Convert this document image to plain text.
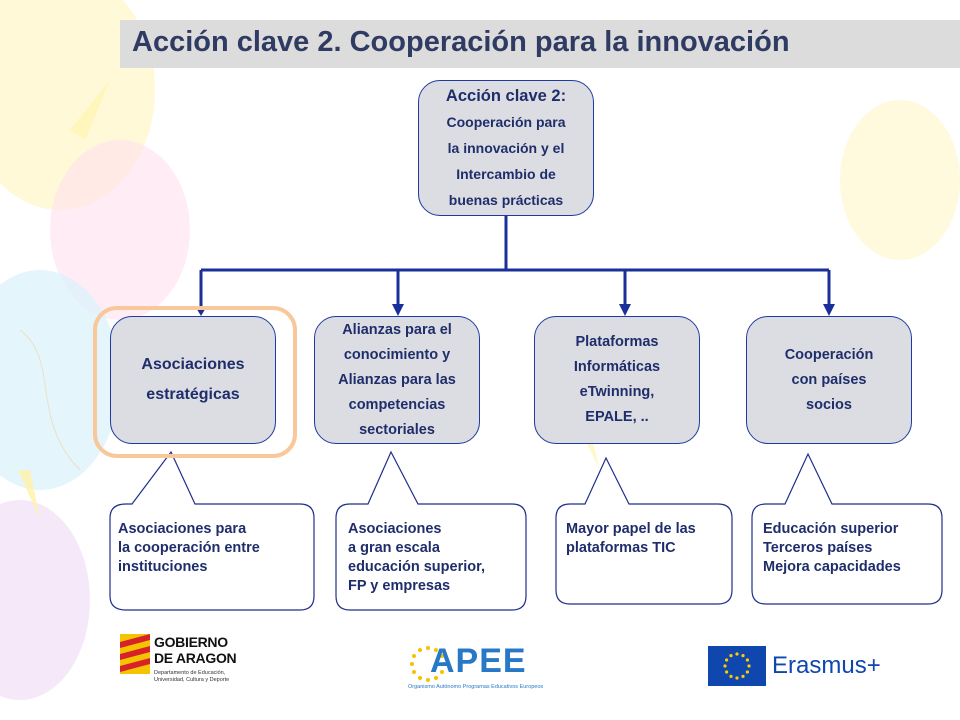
Acción clave 2. Cooperación para la innovación
Acción clave 2:
Cooperación para
la innovación y el
Intercambio de
buenas prácticas
Asociaciones
estratégicas
Alianzas para el
conocimiento y
Alianzas para las
competencias
sectoriales
Plataformas
Informáticas
eTwinning,
EPALE, ..
Cooperación
con países
socios
Asociaciones para
la cooperación entre
instituciones
Asociaciones
a gran escala
educación superior,
FP y empresas
Mayor papel de las
plataformas TIC
Educación superior
Terceros países
Mejora capacidades
GOBIERNO
DE ARAGON
Departamento de Educación,
Universidad, Cultura y Deporte	APEE
Organismo Autónomo Programas Educativos Europeos
Erasmus+
